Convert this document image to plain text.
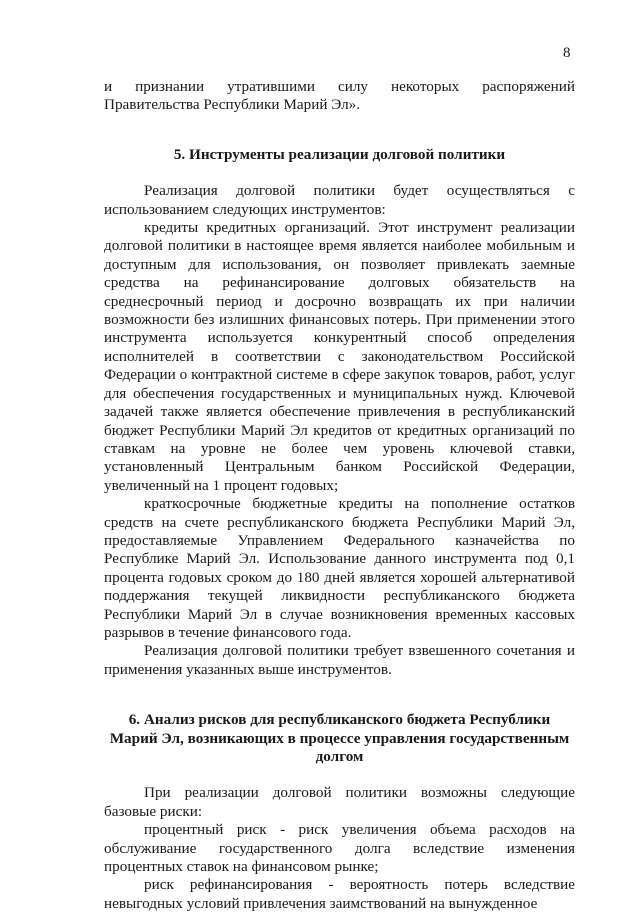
8

и признании утратившими силу некоторых распоряжений Правительства Республики Марий Эл».

5. Инструменты реализации долговой политики

Реализация долговой политики будет осуществляться с использованием следующих инструментов:

кредиты кредитных организаций. Этот инструмент реализации долговой политики в настоящее время является наиболее мобильным и доступным для использования, он позволяет привлекать заемные средства на рефинансирование долговых обязательств на среднесрочный период и досрочно возвращать их при наличии возможности без излишних финансовых потерь. При применении этого инструмента используется конкурентный способ определения исполнителей в соответствии с законодательством Российской Федерации о контрактной системе в сфере закупок товаров, работ, услуг для обеспечения государственных и муниципальных нужд. Ключевой задачей также является обеспечение привлечения в республиканский бюджет Республики Марий Эл кредитов от кредитных организаций по ставкам на уровне не более чем уровень ключевой ставки, установленный Центральным банком Российской Федерации, увеличенный на 1 процент годовых;

краткосрочные бюджетные кредиты на пополнение остатков средств на счете республиканского бюджета Республики Марий Эл, предоставляемые Управлением Федерального казначейства по Республике Марий Эл. Использование данного инструмента под 0,1 процента годовых сроком до 180 дней является хорошей альтернативой поддержания текущей ликвидности республиканского бюджета Республики Марий Эл в случае возникновения временных кассовых разрывов в течение финансового года.

Реализация долговой политики требует взвешенного сочетания и применения указанных выше инструментов.

6. Анализ рисков для республиканского бюджета Республики Марий Эл, возникающих в процессе управления государственным долгом

При реализации долговой политики возможны следующие базовые риски:

процентный риск - риск увеличения объема расходов на обслуживание государственного долга вследствие изменения процентных ставок на финансовом рынке;

риск рефинансирования - вероятность потерь вследствие невыгодных условий привлечения заимствований на вынужденное
